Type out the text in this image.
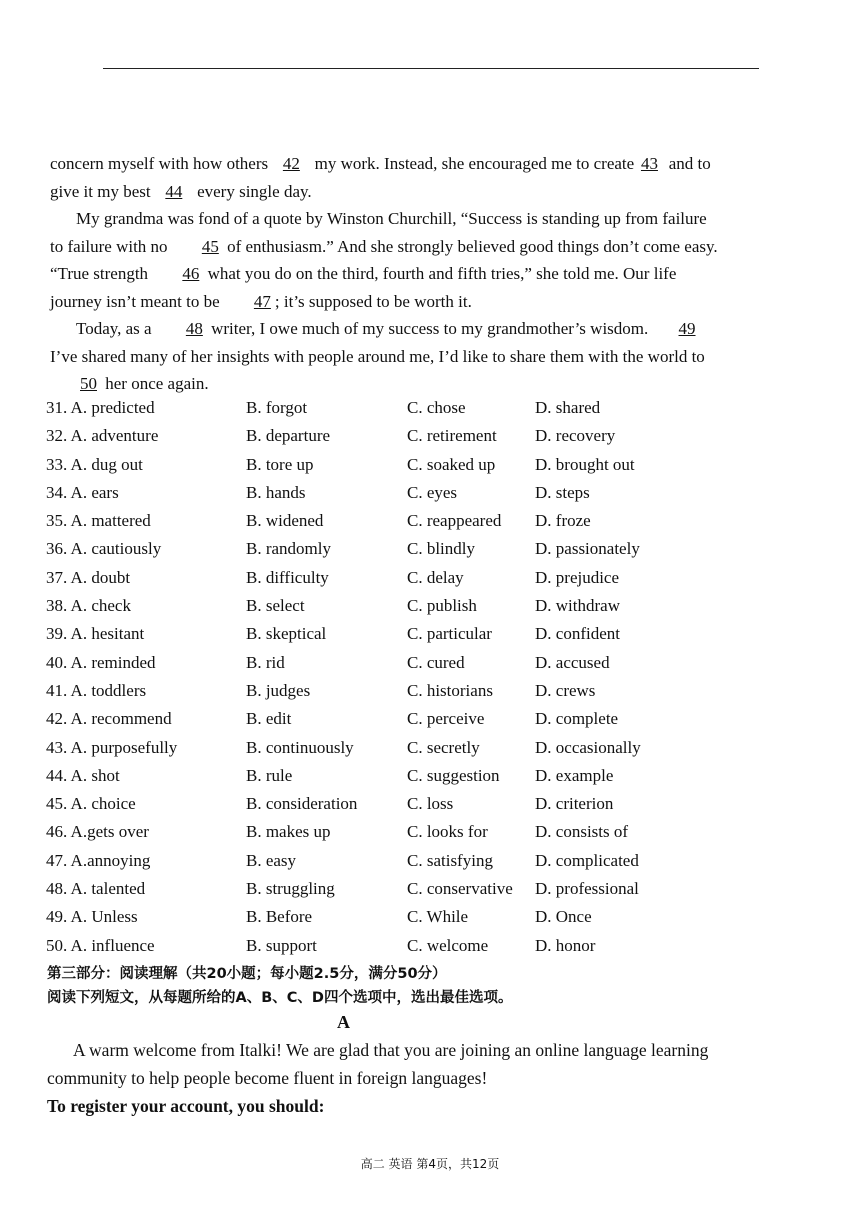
concern myself with how others 42 my work. Instead, she encouraged me to create 43 and to give it my best 44 every single day.

My grandma was fond of a quote by Winston Churchill, “Success is standing up from failure to failure with no 45 of enthusiasm.” And she strongly believed good things don’t come easy. “True strength 46 what you do on the third, fourth and fifth tries,” she told me. Our life journey isn’t meant to be 47 ; it’s supposed to be worth it.

Today, as a 48 writer, I owe much of my success to my grandmother’s wisdom. 49I’ve shared many of her insights with people around me, I’d like to share them with the world to 50 her once again.

31. A. predicted	B. forgot	C. chose	D. shared
32. A. adventure	B. departure	C. retirement D. recovery
33. A. dug out	B. tore up	C. soaked up D. brought out
34. A. ears	B. hands	C. eyes	D. steps
35. A. mattered	B. widened	C. reappeared D. froze
36. A. cautiously	B. randomly	C. blindly	D. passionately
37. A. doubt	B. difficulty	C. delay	D. prejudice
38. A. check	B. select	C. publish	D. withdraw
39. A. hesitant	B. skeptical	C. particular	D. confident
40. A. reminded	B. rid	C. cured	D. accused
41. A. toddlers	B. judges	C. historians D. crews
42. A. recommend	B. edit	C. perceive	D. complete
43. A. purposefully	B. continuously	C. secretly	D. occasionally
44. A. shot	B. rule	C. suggestion D. example
45. A. choice	B. consideration	C. loss	D. criterion
46. A.gets over	B. makes up	C. looks for	D. consists of
47. A.annoying	B. easy	C. satisfying D. complicated
48. A. talented	B. struggling	C. conservative D. professional
49. A. Unless	B. Before	C. While	D. Once
50. A. influence	B. support	C. welcome	D. honor
第三部分：阅读理解（共20小题；每小题2.5分，满分50分）
阅读下列短文，从每题所给的A、B、C、D四个选项中，选出最佳选项。
A

A warm welcome from Italki! We are glad that you are joining an online language learning community to help people become fluent in foreign languages!

To register your account, you should:

高二 英语 第4页，共12页
